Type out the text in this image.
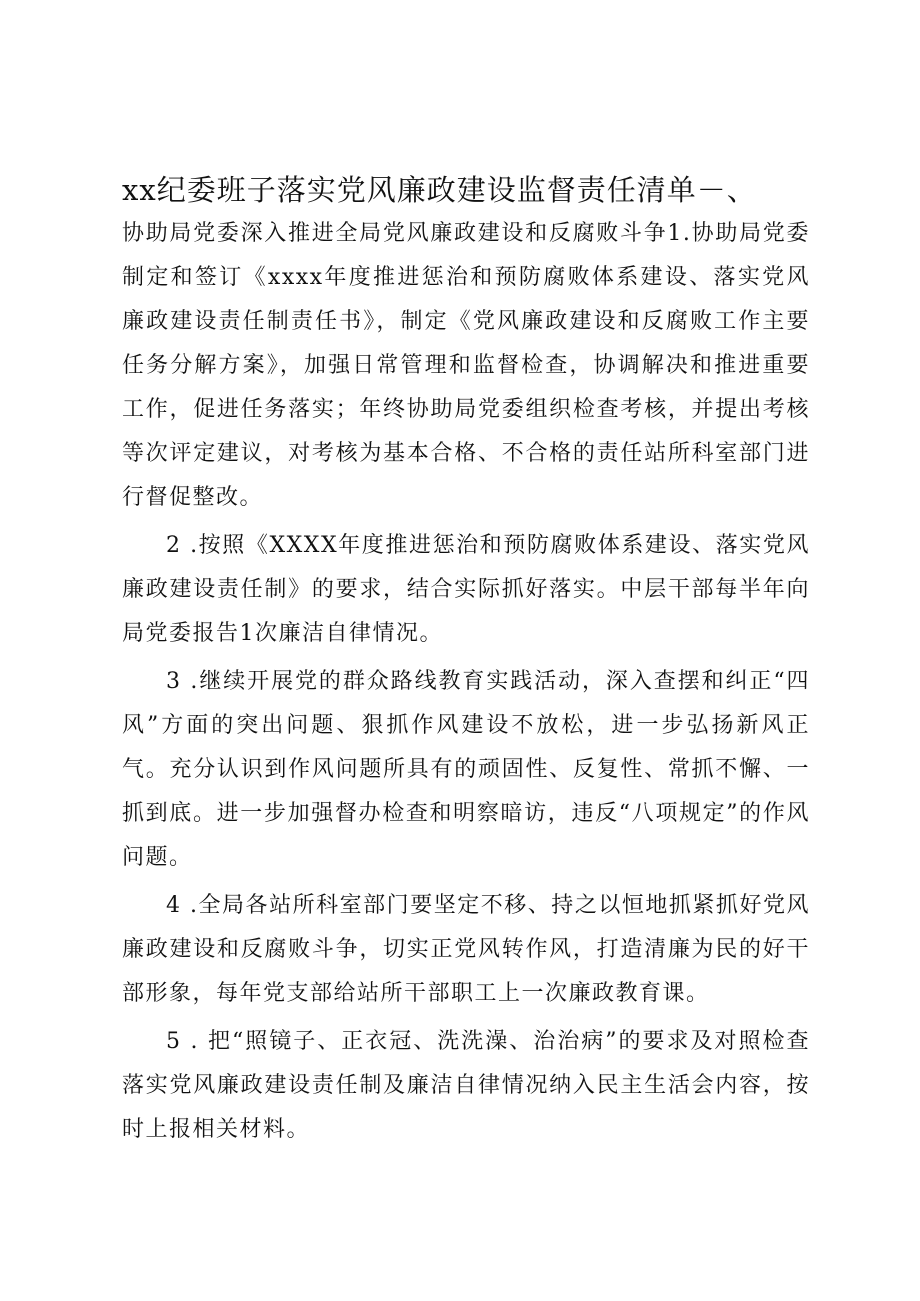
xx纪委班子落实党风廉政建设监督责任清单－、

协助局党委深入推进全局党风廉政建设和反腐败斗争1.协助局党委制定和签订《xxxx年度推进惩治和预防腐败体系建设、落实党风廉政建设责任制责任书》，制定《党风廉政建设和反腐败工作主要任务分解方案》，加强日常管理和监督检查，协调解决和推进重要工作，促进任务落实；年终协助局党委组织检查考核，并提出考核等次评定建议，对考核为基本合格、不合格的责任站所科室部门进行督促整改。

2 .按照《XXXX年度推进惩治和预防腐败体系建设、落实党风廉政建设责任制》的要求，结合实际抓好落实。中层干部每半年向局党委报告1次廉洁自律情况。

3 .继续开展党的群众路线教育实践活动，深入查摆和纠正“四风”方面的突出问题、狠抓作风建设不放松，进一步弘扬新风正气。充分认识到作风问题所具有的顽固性、反复性、常抓不懈、一抓到底。进一步加强督办检查和明察暗访，违反“八项规定”的作风问题。

4 .全局各站所科室部门要坚定不移、持之以恒地抓紧抓好党风廉政建设和反腐败斗争，切实正党风转作风，打造清廉为民的好干部形象，每年党支部给站所干部职工上一次廉政教育课。

5 . 把“照镜子、正衣冠、洗洗澡、治治病”的要求及对照检查落实党风廉政建设责任制及廉洁自律情况纳入民主生活会内容，按时上报相关材料。
